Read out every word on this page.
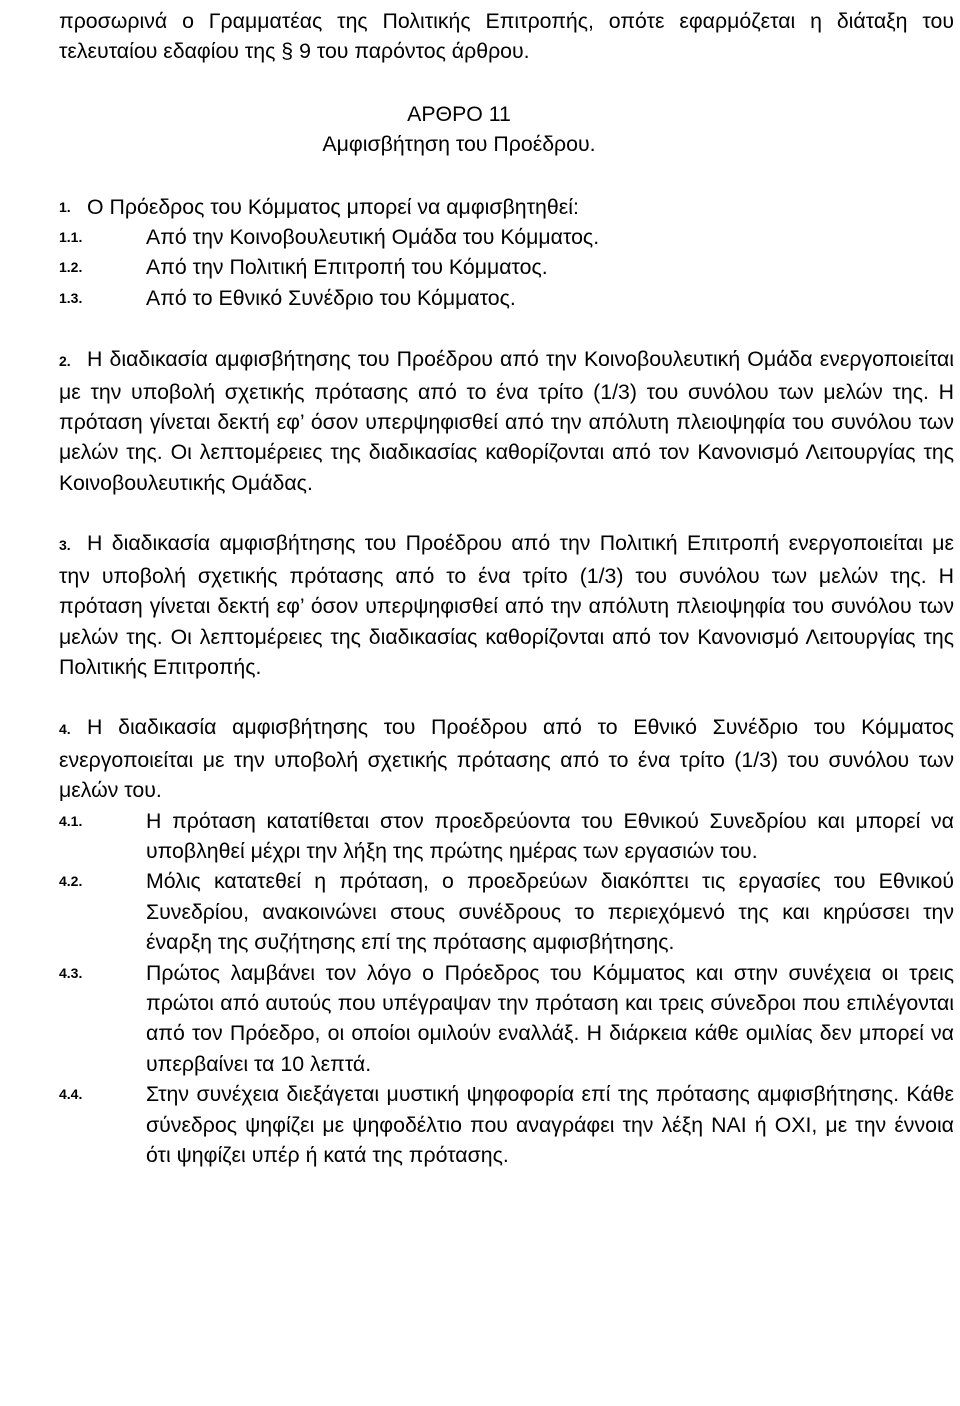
προσωρινά ο Γραμματέας της Πολιτικής Επιτροπής, οπότε εφαρμόζεται η διάταξη του τελευταίου εδαφίου της § 9 του παρόντος άρθρου.
ΑΡΘΡΟ 11
Αμφισβήτηση του Προέδρου.
1. Ο Πρόεδρος του Κόμματος μπορεί να αμφισβητηθεί:
1.1.	Από την Κοινοβουλευτική Ομάδα του Κόμματος.
1.2.	Από την Πολιτική Επιτροπή του Κόμματος.
1.3.	Από το Εθνικό Συνέδριο του Κόμματος.
2. Η διαδικασία αμφισβήτησης του Προέδρου από την Κοινοβουλευτική Ομάδα ενεργοποιείται με την υποβολή σχετικής πρότασης από το ένα τρίτο (1/3) του συνόλου των μελών της. Η πρόταση γίνεται δεκτή εφ’ όσον υπερψηφισθεί από την απόλυτη πλειοψηφία του συνόλου των μελών της. Οι λεπτομέρειες της διαδικασίας καθορίζονται από τον Κανονισμό Λειτουργίας της Κοινοβουλευτικής Ομάδας.
3. Η διαδικασία αμφισβήτησης του Προέδρου από την Πολιτική Επιτροπή ενεργοποιείται με την υποβολή σχετικής πρότασης από το ένα τρίτο (1/3) του συνόλου των μελών της. Η πρόταση γίνεται δεκτή εφ’ όσον υπερψηφισθεί από την απόλυτη πλειοψηφία του συνόλου των μελών της. Οι λεπτομέρειες της διαδικασίας καθορίζονται από τον Κανονισμό Λειτουργίας της Πολιτικής Επιτροπής.
4. Η διαδικασία αμφισβήτησης του Προέδρου από το Εθνικό Συνέδριο του Κόμματος ενεργοποιείται με την υποβολή σχετικής πρότασης από το ένα τρίτο (1/3) του συνόλου των μελών του.
4.1.	Η πρόταση κατατίθεται στον προεδρεύοντα του Εθνικού Συνεδρίου και μπορεί να υποβληθεί μέχρι την λήξη της πρώτης ημέρας των εργασιών του.
4.2.	Μόλις κατατεθεί η πρόταση, ο προεδρεύων διακόπτει τις εργασίες του Εθνικού Συνεδρίου, ανακοινώνει στους συνέδρους το περιεχόμενό της και κηρύσσει την έναρξη της συζήτησης επί της πρότασης αμφισβήτησης.
4.3.	Πρώτος λαμβάνει τον λόγο ο Πρόεδρος του Κόμματος και στην συνέχεια οι τρεις πρώτοι από αυτούς που υπέγραψαν την πρόταση και τρεις σύνεδροι που επιλέγονται από τον Πρόεδρο, οι οποίοι ομιλούν εναλλάξ. Η διάρκεια κάθε ομιλίας δεν μπορεί να υπερβαίνει τα 10 λεπτά.
4.4.	Στην συνέχεια διεξάγεται μυστική ψηφοφορία επί της πρότασης αμφισβήτησης. Κάθε σύνεδρος ψηφίζει με ψηφοδέλτιο που αναγράφει την λέξη ΝΑΙ ή ΟΧΙ, με την έννοια ότι ψηφίζει υπέρ ή κατά της πρότασης.
